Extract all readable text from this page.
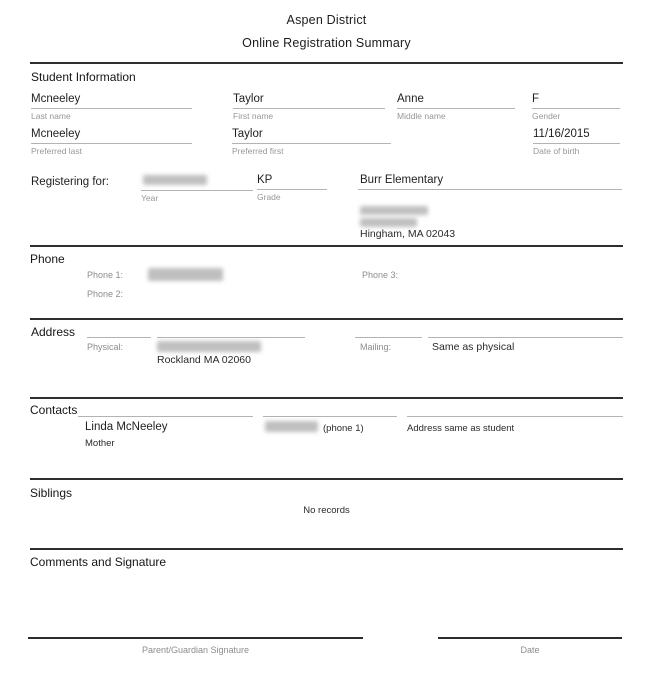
Aspen District
Online Registration Summary
Student Information
Mcneeley
Last name
Taylor
First name
Anne
Middle name
F
Gender
Mcneeley
Preferred last
Taylor
Preferred first
11/16/2015
Date of birth
Registering for:
Year
KP
Grade
Burr Elementary
Hingham, MA 02043
Phone
Phone 1:	Phone 3:
Phone 2:
Address
Physical:
Rockland MA 02060
Mailing:	Same as physical
Contacts
Linda McNeeley	(phone 1)	Address same as student
Mother
Siblings
No records
Comments and Signature
Parent/Guardian Signature	Date
